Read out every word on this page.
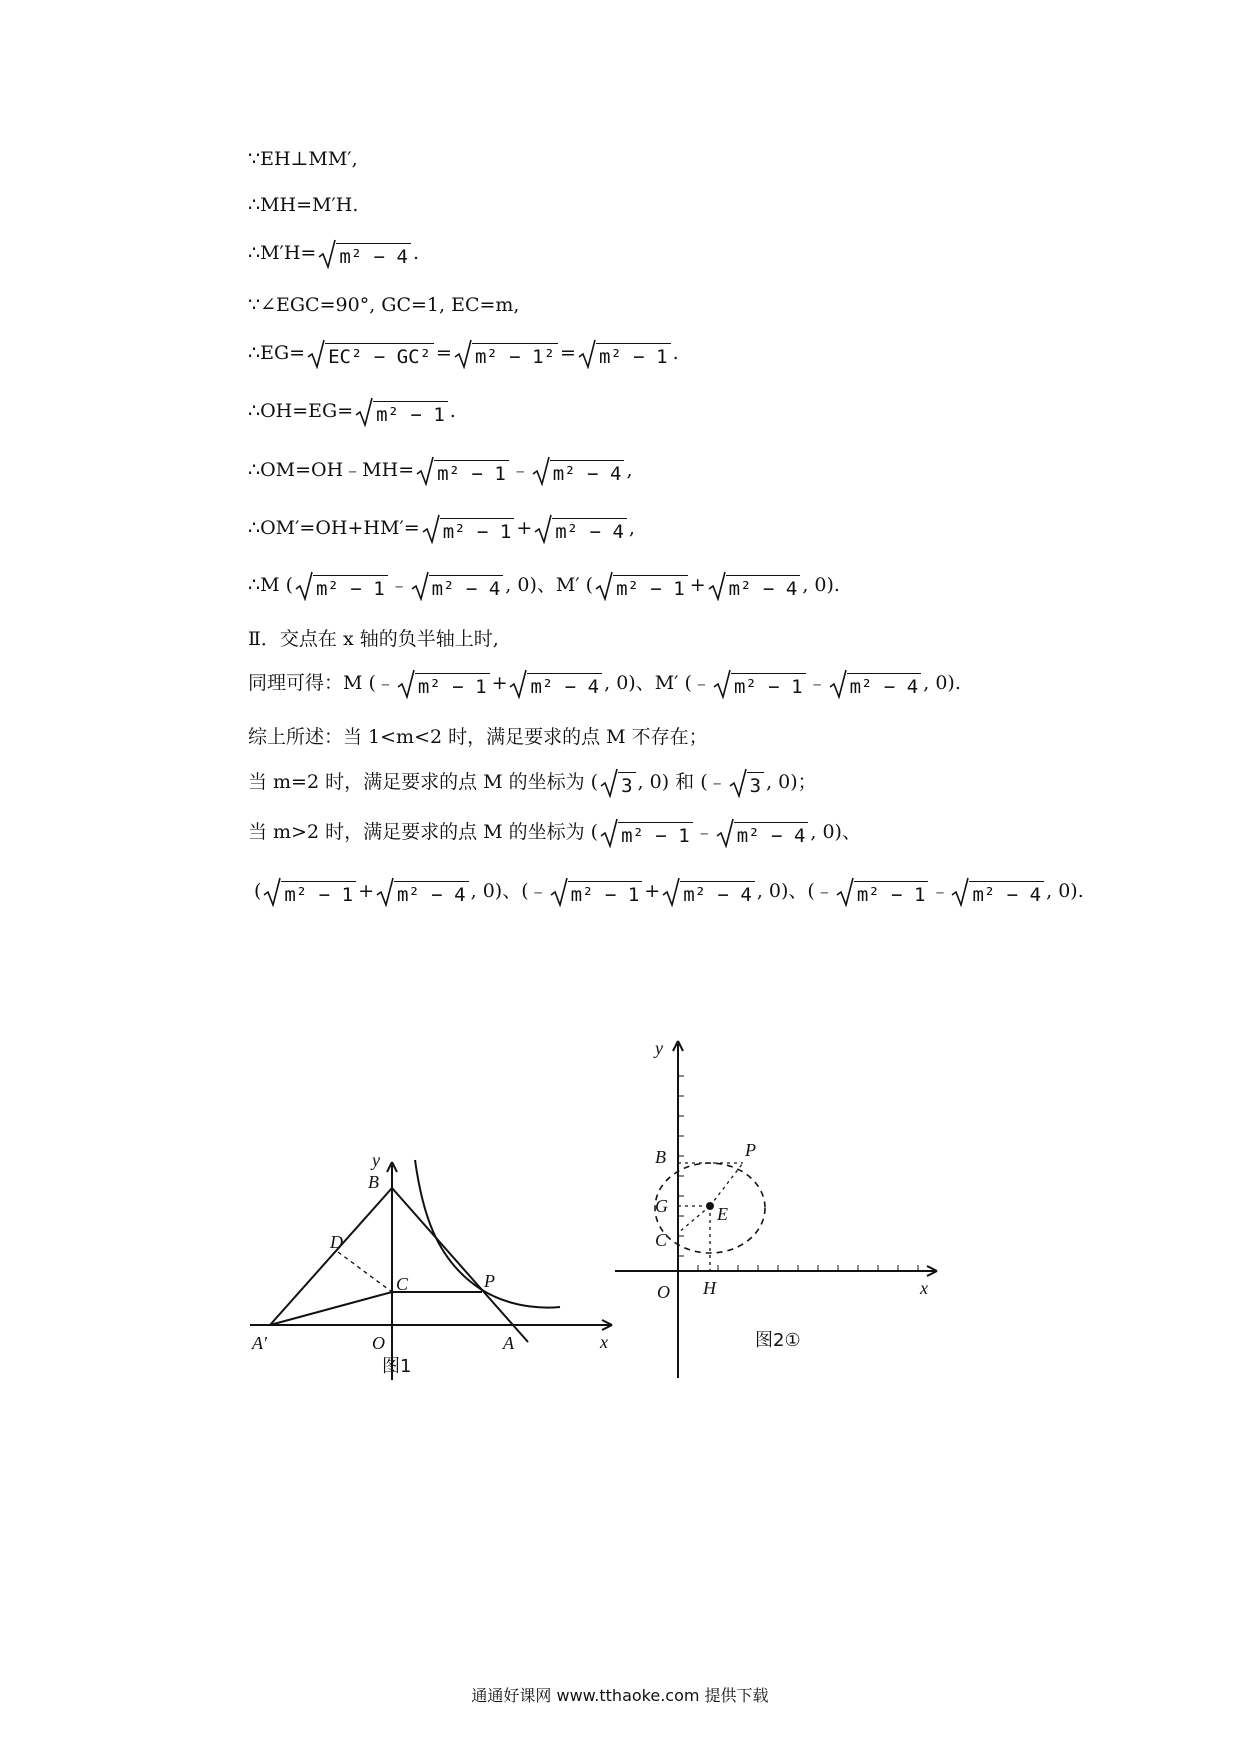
∵EH⊥MM′,
∴MH=M′H.
∴M′H= m² − 4 .
∵∠EGC=90°, GC=1, EC=m,
∴EG= EC² − GC² = m² − 1² = m² − 1 .
∴OH=EG= m² − 1 .
∴OM=OH﹣MH= m² − 1 ﹣ m² − 4 ,
∴OM′=OH+HM′= m² − 1 + m² − 4 ,
∴M ( m² − 1 ﹣ m² − 4 , 0)、M′ ( m² − 1 + m² − 4 , 0).
Ⅱ．交点在 x 轴的负半轴上时,
同理可得：M (﹣ m² − 1 + m² − 4 , 0)、M′ (﹣ m² − 1 ﹣ m² − 4 , 0).
综上所述：当 1<m<2 时，满足要求的点 M 不存在；
当 m=2 时，满足要求的点 M 的坐标为 ( 3 , 0) 和 (﹣ 3 , 0)；
当 m>2 时，满足要求的点 M 的坐标为 ( m² − 1 ﹣ m² − 4 , 0)、
( m² − 1 + m² − 4 , 0)、(﹣ m² − 1 + m² − 4 , 0)、(﹣ m² − 1 ﹣ m² − 4 , 0).
y
x
B
D
C	P
A′	O	A
图1
y
x
B	P
G	E
C
O H
图2①
通通好课网 www.tthaoke.com 提供下载
